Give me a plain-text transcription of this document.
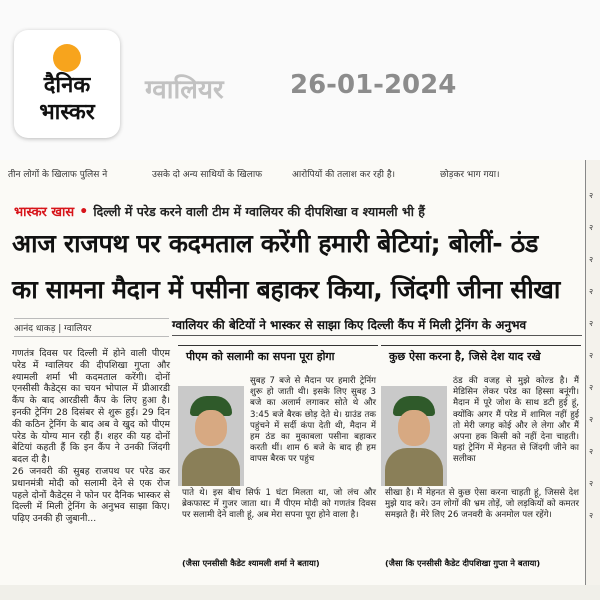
दैनिक
भास्कर
ग्वालियर	26-01-2024
तीन लोगों के खिलाफ पुलिस ने	उसके दो अन्य साथियों के खिलाफ	आरोपियों की तलाश कर रही है।	छोड़कर भाग गया।
२
२
२
२
२
२
२
२
२
२
२
भास्कर खास • दिल्ली में परेड करने वाली टीम में ग्वालियर की दीपशिखा व श्यामली भी हैं
आज राजपथ पर कदमताल करेंगी हमारी बेटियां; बोलीं- ठंड
का सामना मैदान में पसीना बहाकर किया, जिंदगी जीना सीखा
आनंद धाकड़ | ग्वालियर	ग्वालियर की बेटियों ने भास्कर से साझा किए दिल्ली कैंप में मिली ट्रेनिंग के अनुभव

गणतंत्र दिवस पर दिल्ली में होने वाली पीएम परेड में ग्वालियर की दीपशिखा गुप्ता और श्यामली शर्मा भी कदमताल करेंगी। दोनों एनसीसी कैडेट्स का चयन भोपाल में प्रीआरडी कैंप के बाद आरडीसी कैंप के लिए हुआ है। इनकी ट्रेनिंग 28 दिसंबर से शुरू हुई। 29 दिन की कठिन ट्रेनिंग के बाद अब वे खुद को पीएम परेड के योग्य मान रही हैं। शहर की यह दोनों बेटियां कहती हैं कि इन कैंप ने उनकी जिंदगी बदल दी है।

26 जनवरी की सुबह राजपथ पर परेड कर प्रधानमंत्री मोदी को सलामी देने से एक रोज पहले दोनों कैडेट्स ने फोन पर दैनिक भास्कर से दिल्ली में मिली ट्रेनिंग के अनुभव साझा किए। पढ़िए उनकी ही जुबानी...

पीएम को सलामी का सपना पूरा होगा
सुबह 7 बजे से मैदान पर हमारी ट्रेनिंग शुरू हो जाती थी। इसके लिए सुबह 3 बजे का अलार्म लगाकर सोते थे और 3:45 बजे बैरक छोड़ देते थे। ग्राउंड तक पहुंचने में सर्दी कंपा देती थी, मैदान में हम ठंड का मुकाबला पसीना बहाकर करती थीं। शाम 6 बजे के बाद ही हम वापस बैरक पर पहुंच
पाते थे। इस बीच सिर्फ 1 घंटा मिलता था, जो लंच और ब्रेकफास्ट में गुजर जाता था। मैं पीएम मोदी को गणतंत्र दिवस पर सलामी देने वाली हूं, अब मेरा सपना पूरा होने वाला है।
(जैसा एनसीसी कैडेट श्यामली शर्मा ने बताया)
कुछ ऐसा करना है, जिसे देश याद रखे
ठंड की वजह से मुझे कोल्ड है। मैं मेडिसिन लेकर परेड का हिस्सा बनूंगी। मैदान में पूरे जोश के साथ डटी हुई हूं, क्योंकि अगर मैं परेड में शामिल नहीं हुई तो मेरी जगह कोई और ले लेगा और मैं अपना हक किसी को नहीं देना चाहती। यहां ट्रेनिंग में मेहनत से जिंदगी जीने का सलीका
सीखा है। मैं मेहनत से कुछ ऐसा करना चाहती हूं, जिससे देश मुझे याद करे। उन लोगों की भ्रम तोड़ें, जो लड़कियों को कमतर समझते हैं। मेरे लिए 26 जनवरी के अनमोल पल रहेंगे।
(जैसा कि एनसीसी कैडेट दीपशिखा गुप्ता ने बताया)
